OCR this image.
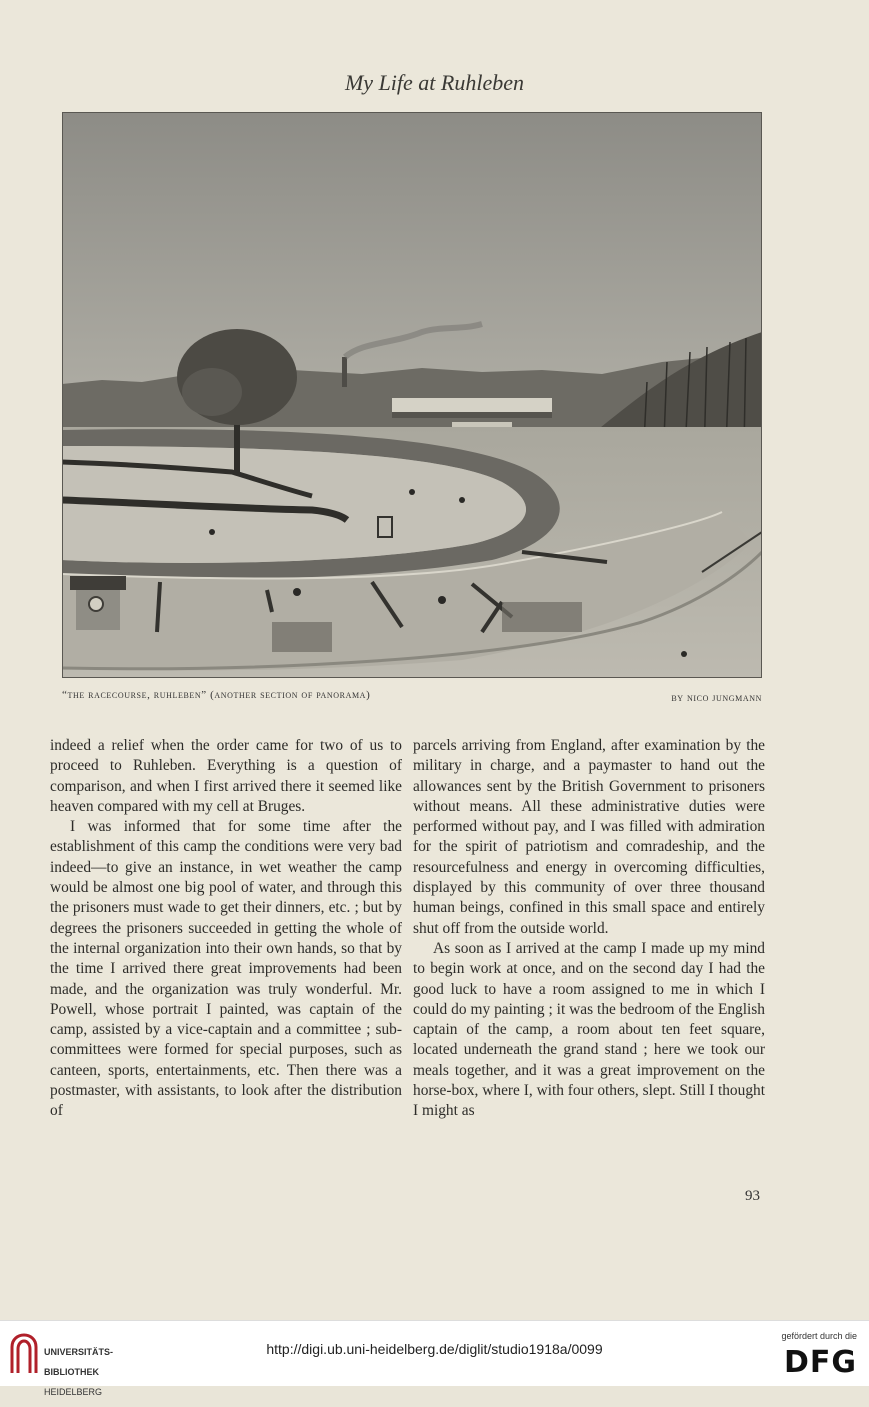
My Life at Ruhleben
“the racecourse, ruhleben” (another section of panorama)	by nico jungmann

indeed a relief when the order came for two of us to proceed to Ruhleben. Everything is a question of comparison, and when I first arrived there it seemed like heaven compared with my cell at Bruges.

I was informed that for some time after the establishment of this camp the conditions were very bad indeed—to give an instance, in wet weather the camp would be almost one big pool of water, and through this the prisoners must wade to get their dinners, etc. ; but by degrees the prisoners succeeded in getting the whole of the internal organization into their own hands, so that by the time I arrived there great improvements had been made, and the organization was truly wonderful. Mr. Powell, whose portrait I painted, was captain of the camp, assisted by a vice-captain and a committee ; sub-committees were formed for special purposes, such as canteen, sports, entertainments, etc. Then there was a postmaster, with assistants, to look after the distribution of

parcels arriving from England, after examination by the military in charge, and a paymaster to hand out the allowances sent by the British Government to prisoners without means. All these administrative duties were performed without pay, and I was filled with admiration for the spirit of patriotism and comradeship, and the resourcefulness and energy in overcoming difficulties, displayed by this community of over three thousand human beings, confined in this small space and entirely shut off from the outside world.

As soon as I arrived at the camp I made up my mind to begin work at once, and on the second day I had the good luck to have a room assigned to me in which I could do my painting ; it was the bedroom of the English captain of the camp, a room about ten feet square, located underneath the grand stand ; here we took our meals together, and it was a great improvement on the horse-box, where I, with four others, slept. Still I thought I might as

93

UNIVERSITÄTS-

BIBLIOTHEK

HEIDELBERG

http://digi.ub.uni-heidelberg.de/diglit/studio1918a/0099
gefördert durch die
DFG
